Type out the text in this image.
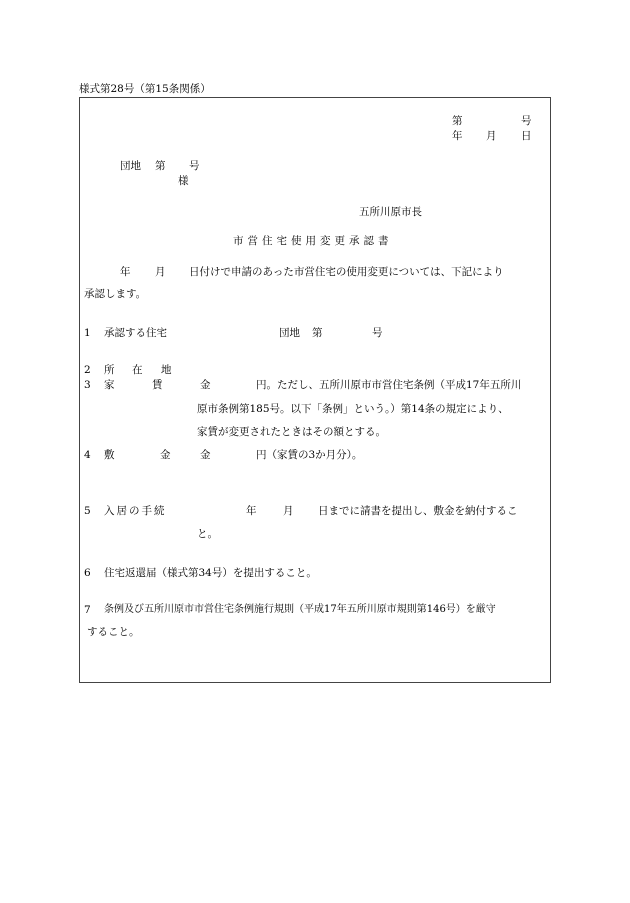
様式第28号（第15条関係）
第	号
年 月 日
団地 第 号
様
五所川原市長
市営住宅使用変更承認書
年 月 日付けで申請のあった市営住宅の使用変更については、下記により
承認します。
1 承認する住宅	団地 第	号
2 所 在 地
3 家	賃	金	円。ただし、五所川原市市営住宅条例（平成17年五所川
原市条例第185号。以下「条例」という。）第14条の規定により、
家賃が変更されたときはその額とする。
4 敷	金	金	円（家賃の3か月分）。
5 入居の手続	年	月 日までに請書を提出し、敷金を納付するこ
と。
6 住宅返還届（様式第34号）を提出すること。
7 条例及び五所川原市市営住宅条例施行規則（平成17年五所川原市規則第146号）を厳守
すること。
